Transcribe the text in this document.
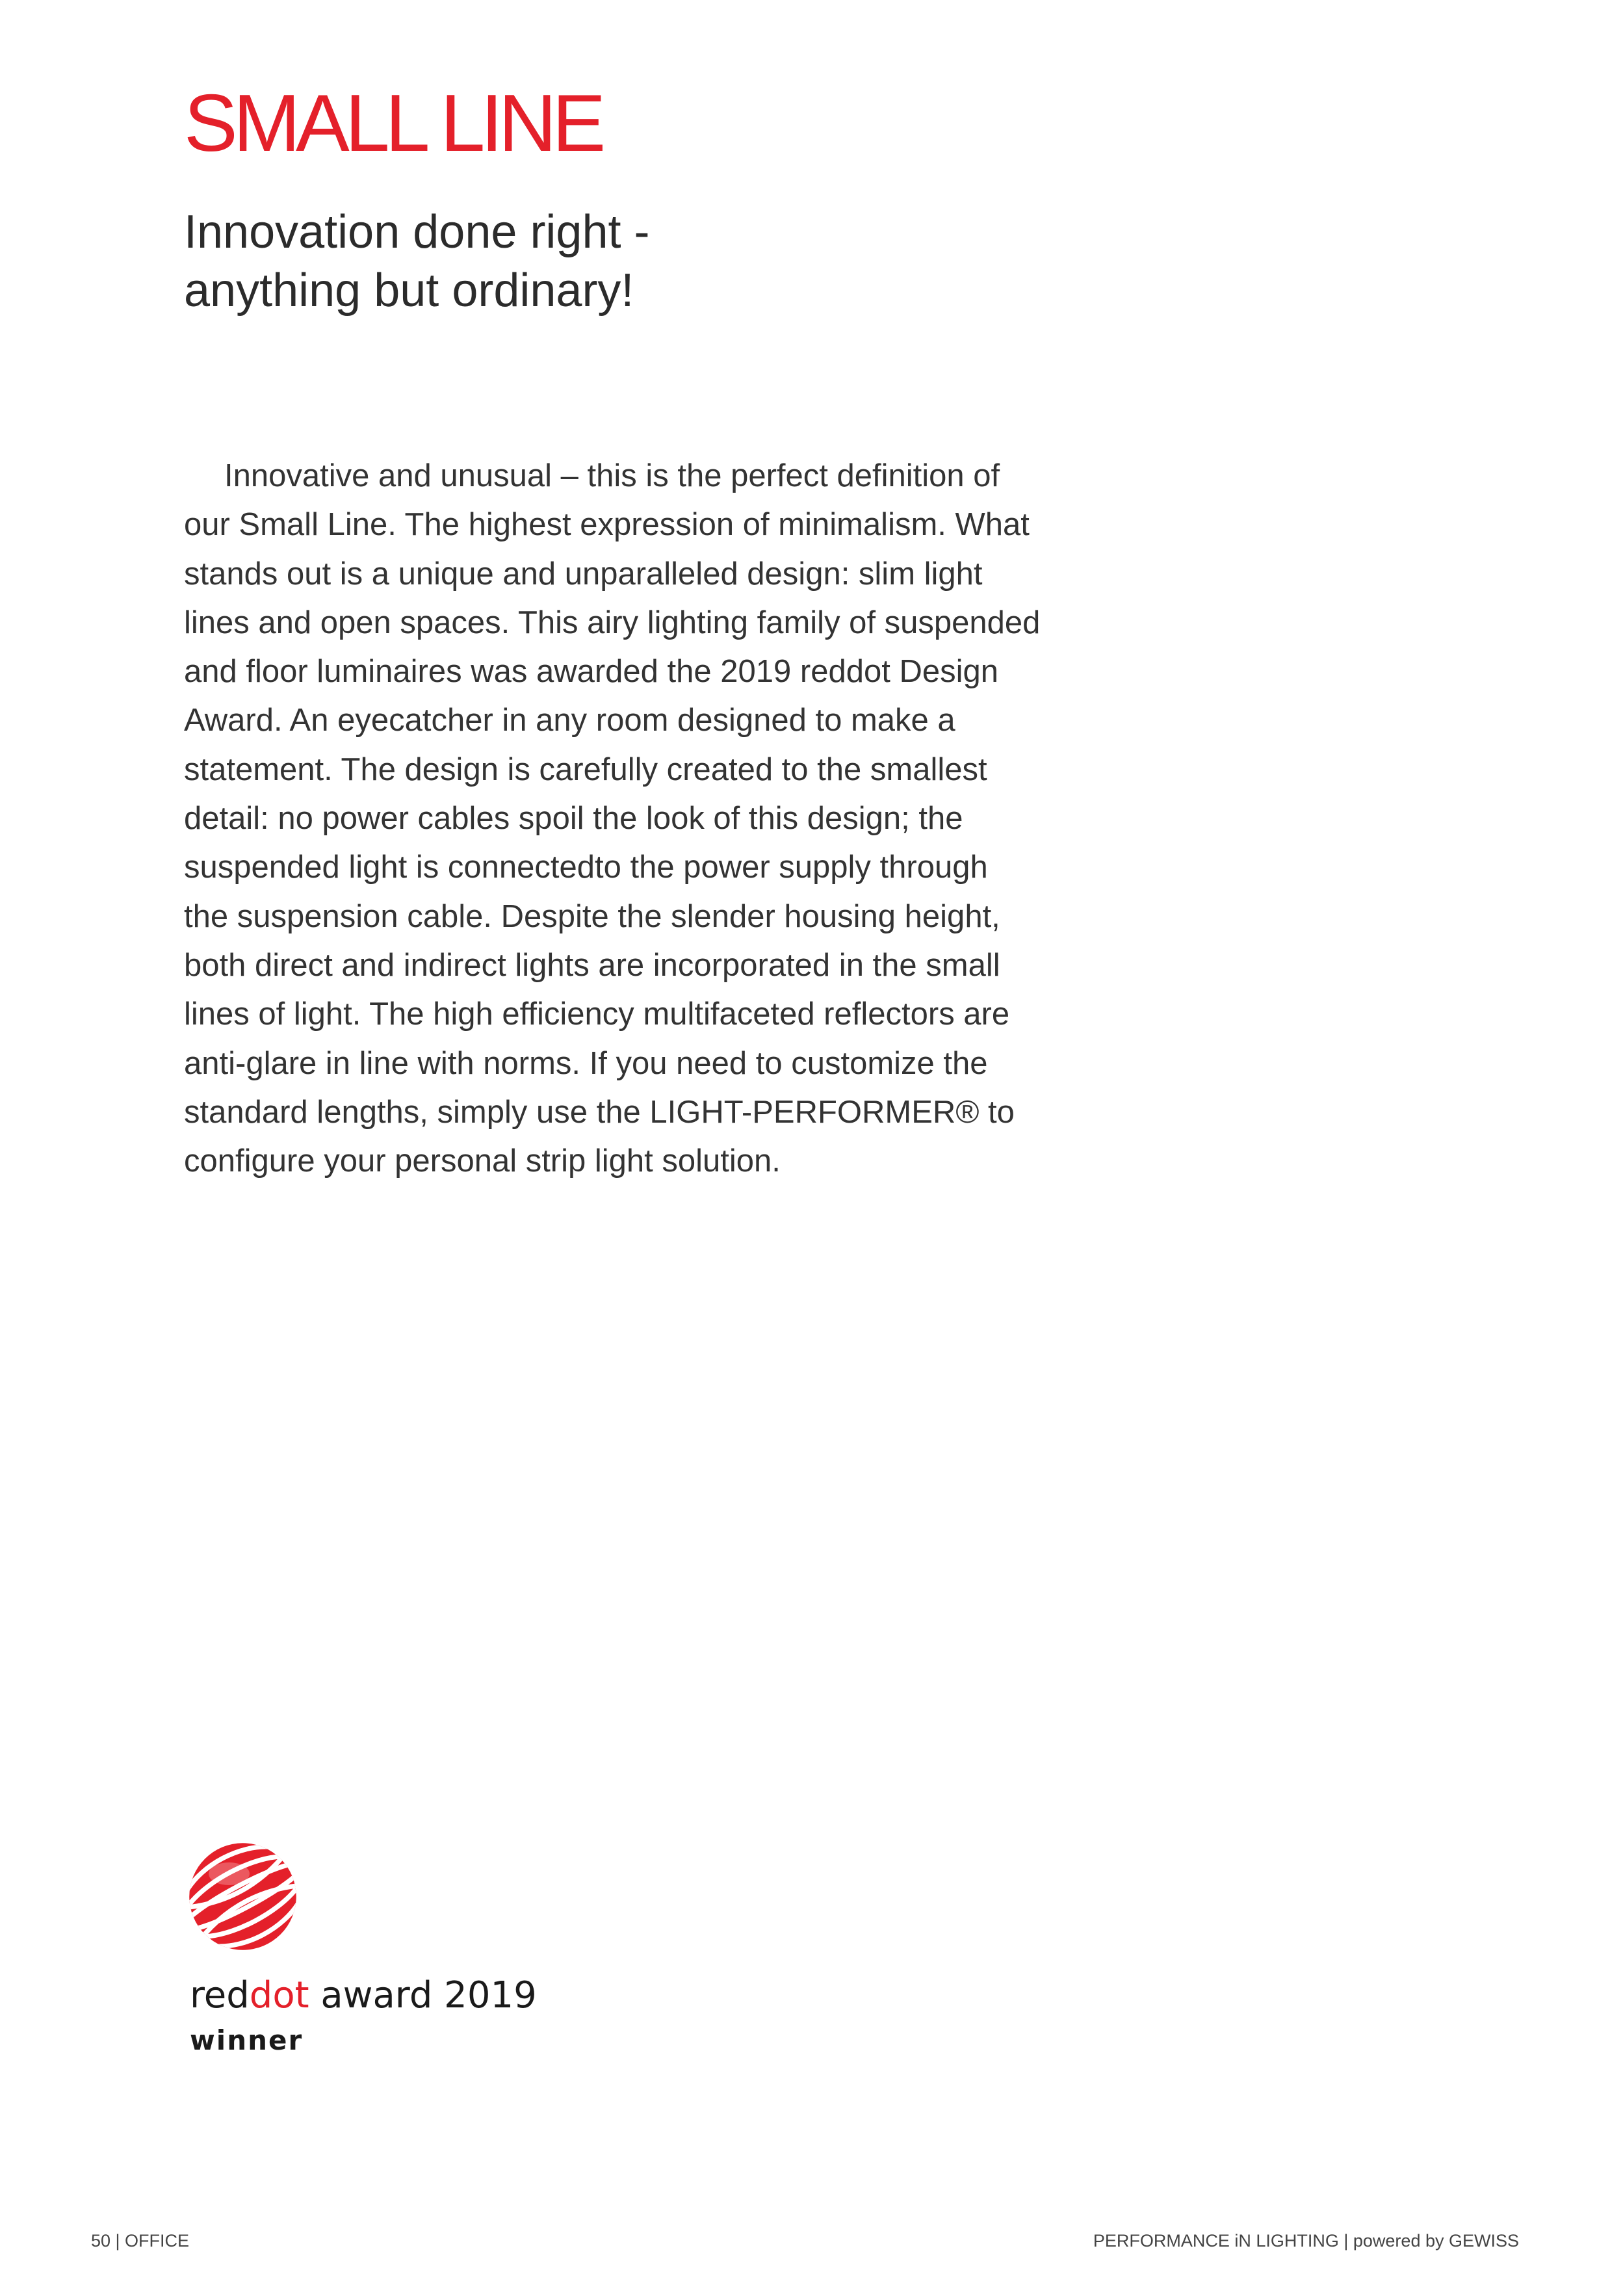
SMALL LINE
Innovation done right -
anything but ordinary!

Innovative and unusual – this is the perfect definition of
our Small Line. The highest expression of minimalism. What
stands out is a unique and unparalleled design: slim light
lines and open spaces. This airy lighting family of suspended
and floor luminaires was awarded the 2019 reddot Design
Award. An eyecatcher in any room designed to make a
statement. The design is carefully created to the smallest
detail: no power cables spoil the look of this design; the
suspended light is connectedto the power supply through
the suspension cable. Despite the slender housing height,
both direct and indirect lights are incorporated in the small
lines of light. The high efficiency multifaceted reflectors are
anti-glare in line with norms. If you need to customize the
standard lengths, simply use the LIGHT-PERFORMER® to
configure your personal strip light solution.

reddot award 2019
winner
50 | OFFICE	PERFORMANCE iN LIGHTING | powered by GEWISS
